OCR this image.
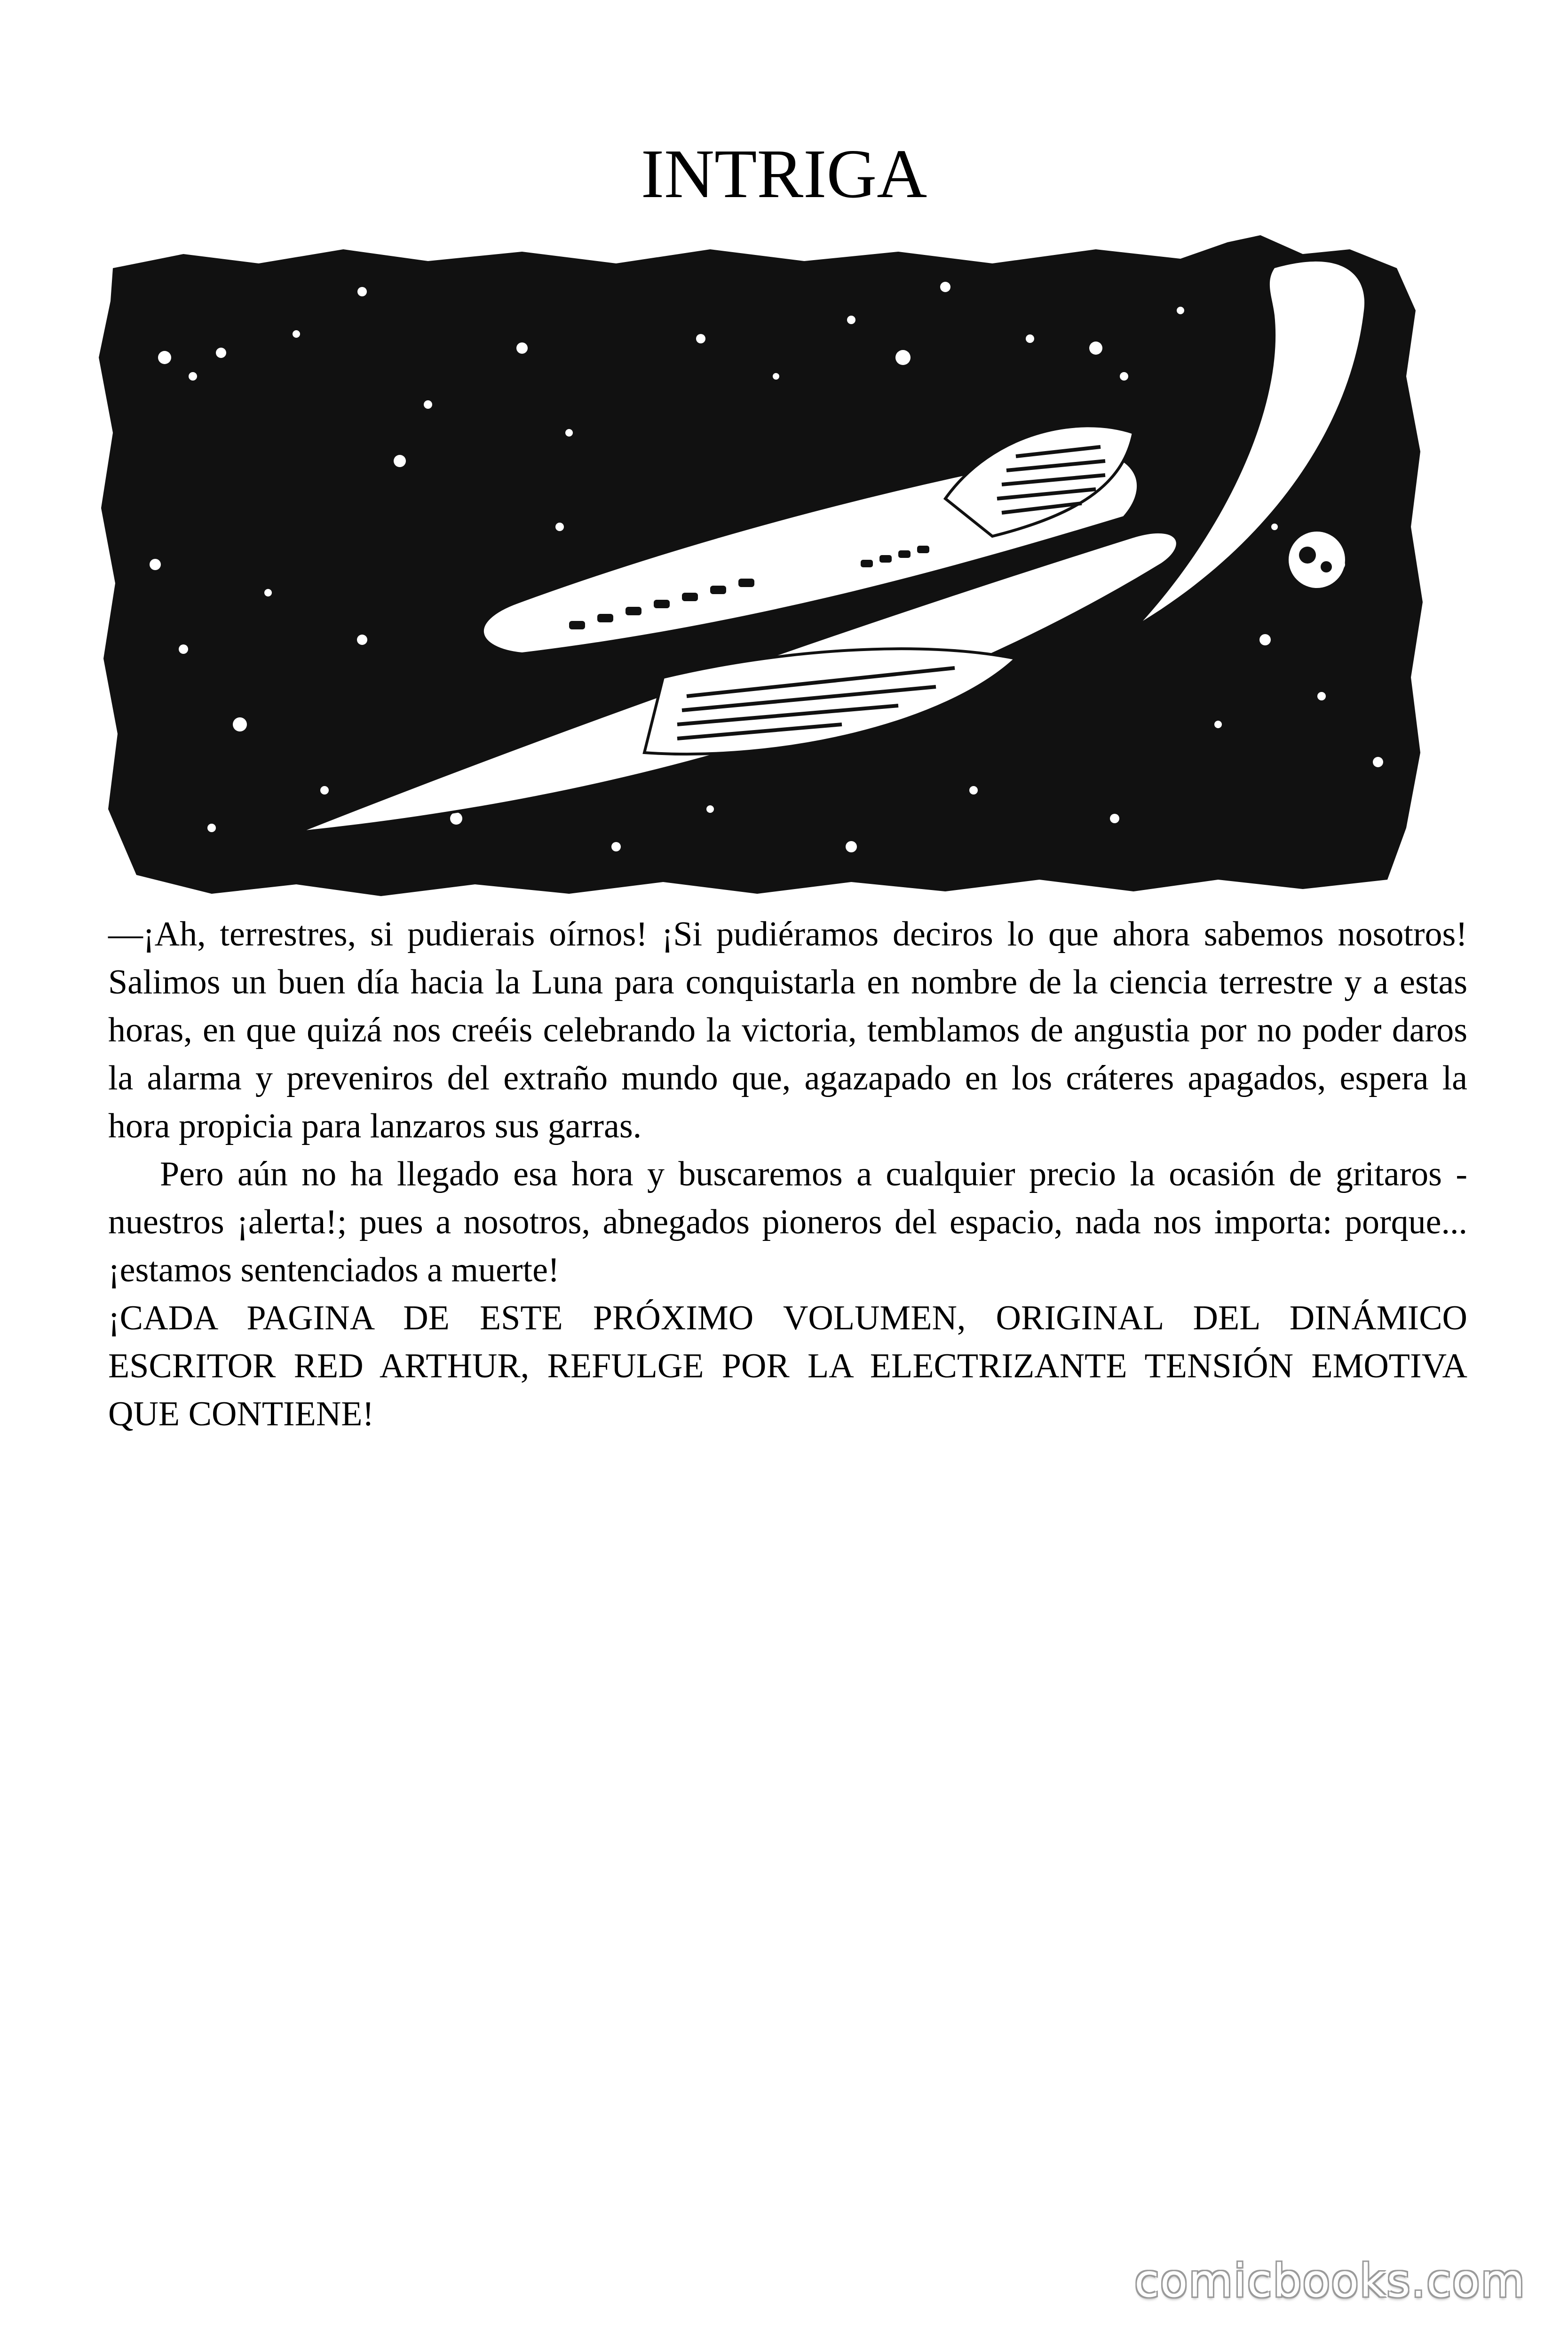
INTRIGA

—¡Ah, terrestres, si pudierais oírnos! ¡Si pudiéramos deciros lo que ahora sabemos nosotros! Salimos un buen día hacia la Luna para conquistarla en nombre de la ciencia terrestre y a estas horas, en que quizá nos creéis celebrando la victoria, temblamos de angustia por no poder daros la alarma y preveniros del extraño mundo que, agazapado en los cráteres apagados, espera la hora propicia para lanzaros sus garras.

Pero aún no ha llegado esa hora y buscaremos a cualquier precio la ocasión de gritaros -nuestros ¡alerta!; pues a nosotros, abnegados pioneros del espacio, nada nos importa: porque... ¡estamos sentenciados a muerte!

¡CADA PAGINA DE ESTE PRÓXIMO VOLUMEN, ORIGINAL DEL DINÁMICO ESCRITOR RED ARTHUR, REFULGE POR LA ELECTRIZANTE TENSIÓN EMOTIVA QUE CONTIENE!

comicbooks.com
